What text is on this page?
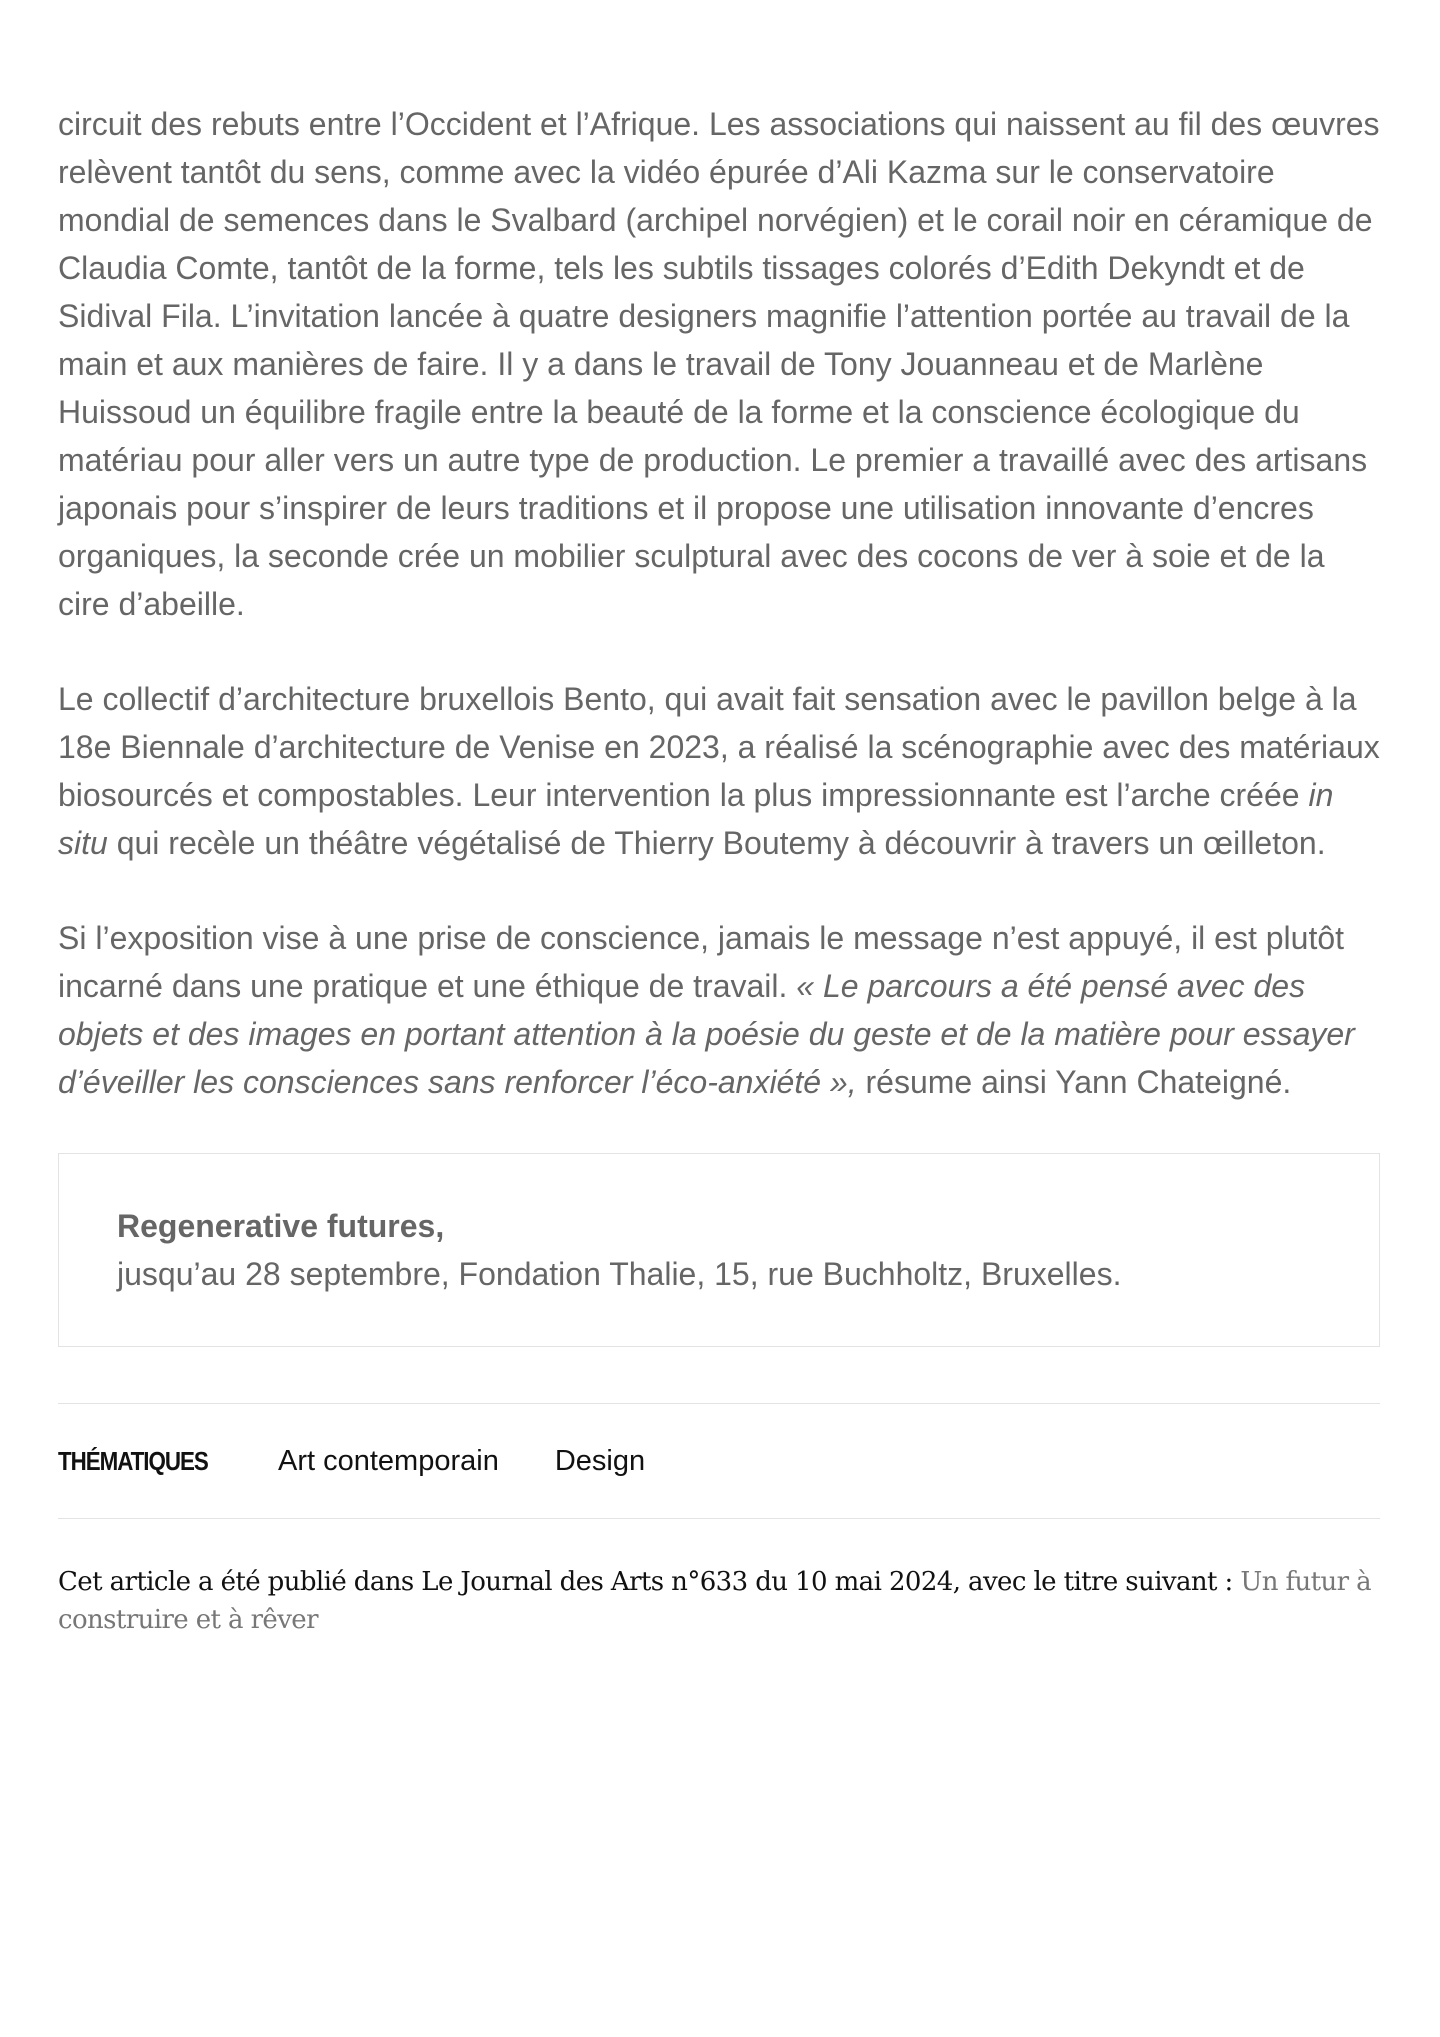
circuit des rebuts entre l’Occident et l’Afrique. Les associations qui naissent au fil des œuvres relèvent tantôt du sens, comme avec la vidéo épurée d’Ali Kazma sur le conservatoire mondial de semences dans le Svalbard (archipel norvégien) et le corail noir en céramique de Claudia Comte, tantôt de la forme, tels les subtils tissages colorés d’Edith Dekyndt et de Sidival Fila. L’invitation lancée à quatre designers magnifie l’attention portée au travail de la main et aux manières de faire. Il y a dans le travail de Tony Jouanneau et de Marlène Huissoud un équilibre fragile entre la beauté de la forme et la conscience écologique du matériau pour aller vers un autre type de production. Le premier a travaillé avec des artisans japonais pour s’inspirer de leurs traditions et il propose une utilisation innovante d’encres organiques, la seconde crée un mobilier sculptural avec des cocons de ver à soie et de la cire d’abeille.

Le collectif d’architecture bruxellois Bento, qui avait fait sensation avec le pavillon belge à la 18e Biennale d’architecture de Venise en 2023, a réalisé la scénographie avec des matériaux biosourcés et compostables. Leur intervention la plus impressionnante est l’arche créée in situ qui recèle un théâtre végétalisé de Thierry Boutemy à découvrir à travers un œilleton.

Si l’exposition vise à une prise de conscience, jamais le message n’est appuyé, il est plutôt incarné dans une pratique et une éthique de travail. « Le parcours a été pensé avec des objets et des images en portant attention à la poésie du geste et de la matière pour essayer d’éveiller les consciences sans renforcer l’éco-anxiété », résume ainsi Yann Chateigné.

Regenerative futures,
jusqu’au 28 septembre, Fondation Thalie, 15, rue Buchholtz, Bruxelles.
THÉMATIQUES	Art contemporain Design
Cet article a été publié dans Le Journal des Arts n°633 du 10 mai 2024, avec le titre suivant : Un futur à construire et à rêver
